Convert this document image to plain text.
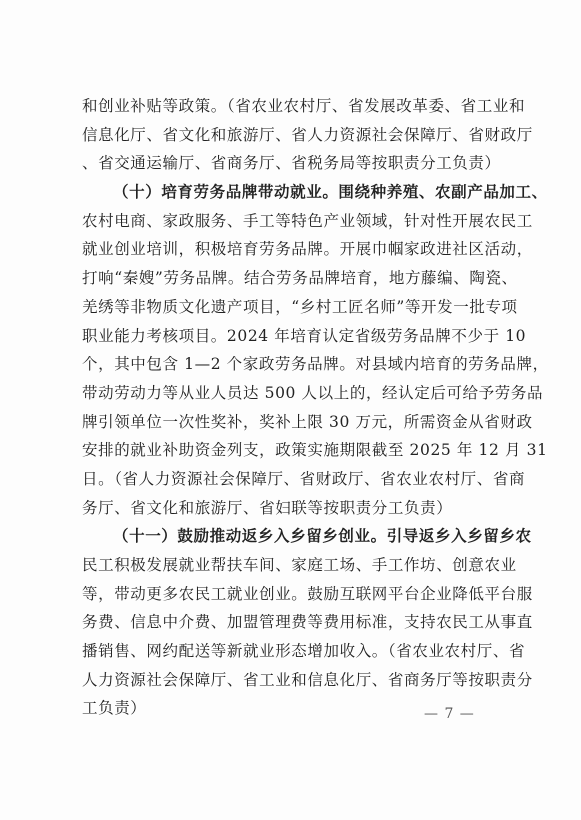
和创业补贴等政策。（省农业农村厅、省发展改革委、省工业和
信息化厅、省文化和旅游厅、省人力资源社会保障厅、省财政厅
、省交通运输厅、省商务厅、省税务局等按职责分工负责）
（十）培育劳务品牌带动就业。围绕种养殖、农副产品加工、
农村电商、家政服务、手工等特色产业领域，针对性开展农民工
就业创业培训，积极培育劳务品牌。开展巾帼家政进社区活动，
打响“秦嫂”劳务品牌。结合劳务品牌培育，地方藤编、陶瓷、
羌绣等非物质文化遗产项目，“乡村工匠名师”等开发一批专项
职业能力考核项目。2024 年培育认定省级劳务品牌不少于 10
个，其中包含 1—2 个家政劳务品牌。对县域内培育的劳务品牌，
带动劳动力等从业人员达 500 人以上的，经认定后可给予劳务品
牌引领单位一次性奖补，奖补上限 30 万元，所需资金从省财政
安排的就业补助资金列支，政策实施期限截至 2025 年 12 月 31
日。（省人力资源社会保障厅、省财政厅、省农业农村厅、省商
务厅、省文化和旅游厅、省妇联等按职责分工负责）
（十一）鼓励推动返乡入乡留乡创业。引导返乡入乡留乡农
民工积极发展就业帮扶车间、家庭工场、手工作坊、创意农业
等，带动更多农民工就业创业。鼓励互联网平台企业降低平台服
务费、信息中介费、加盟管理费等费用标准，支持农民工从事直
播销售、网约配送等新就业形态增加收入。（省农业农村厅、省
人力资源社会保障厅、省工业和信息化厅、省商务厅等按职责分
工负责）	— 7 —
